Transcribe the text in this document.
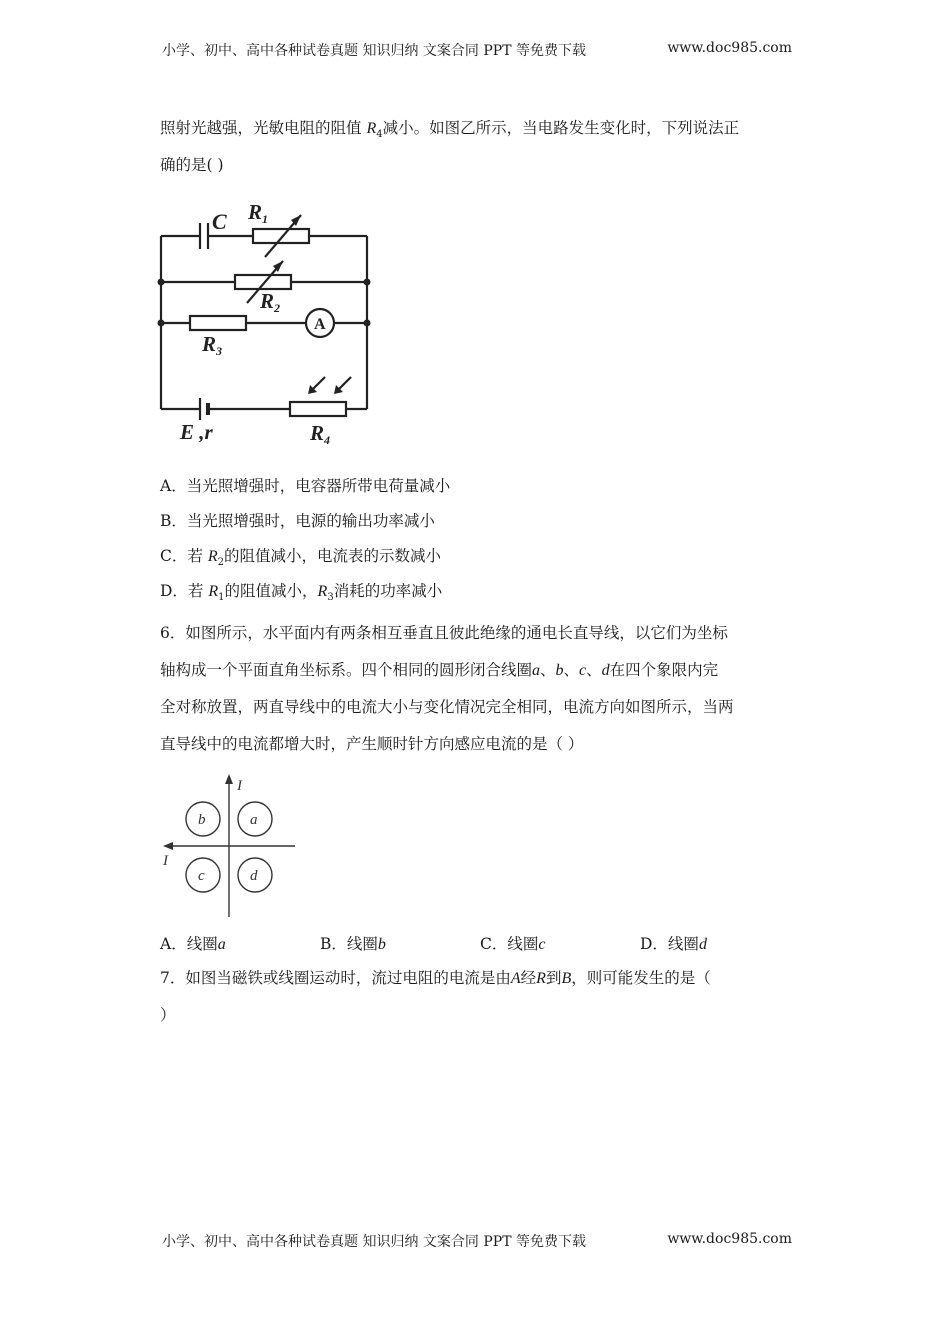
小学、初中、高中各种试卷真题 知识归纳 文案合同 PPT 等免费下载	www.doc985.com
照射光越强，光敏电阻的阻值 $R_4$减小。如图乙所示，当电路发生变化时，下列说法正
确的是( )
C R 1
R 2
R 3
R 4
E ,r
A
A．当光照增强时，电容器所带电荷量减小
B．当光照增强时，电源的输出功率减小
C．若 $R_2$的阻值减小，电流表的示数减小
D．若 $R_1$的阻值减小，$R_3$消耗的功率减小
6．如图所示，水平面内有两条相互垂直且彼此绝缘的通电长直导线，以它们为坐标
轴构成一个平面直角坐标系。四个相同的圆形闭合线圈a、b、c、d在四个象限内完
全对称放置，两直导线中的电流大小与变化情况完全相同，电流方向如图所示，当两
直导线中的电流都增大时，产生顺时针方向感应电流的是（ ）
I
I
b	a
c	d
A．线圈a	B．线圈b	C．线圈c	D．线圈d
7．如图当磁铁或线圈运动时，流过电阻的电流是由A经R到B，则可能发生的是（
）
小学、初中、高中各种试卷真题 知识归纳 文案合同 PPT 等免费下载	www.doc985.com
